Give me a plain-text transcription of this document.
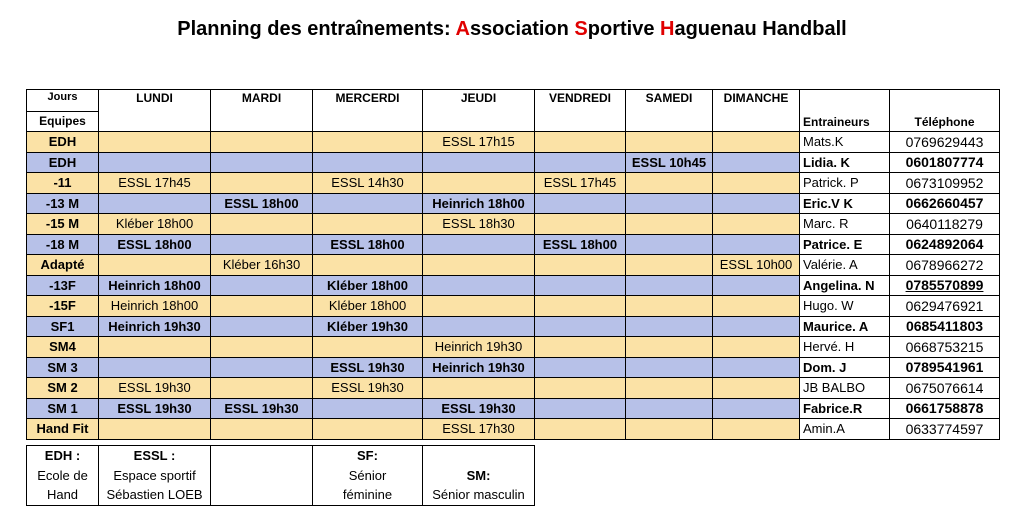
Planning des entraînements: Association Sportive Haguenau Handball
Jours	LUNDI	MARDI	MERCERDI	JEUDI	VENDREDI	SAMEDI	DIMANCHE	Entraineurs	Téléphone
Equipes									
EDH				ESSL 17h15				Mats.K	0769629443
EDH						ESSL 10h45		Lidia. K	0601807774
-11	ESSL 17h45		ESSL 14h30		ESSL 17h45			Patrick. P	0673109952
-13 M		ESSL 18h00		Heinrich 18h00				Eric.V K	0662660457
-15 M	Kléber 18h00			ESSL 18h30				Marc. R	0640118279
-18 M	ESSL 18h00		ESSL 18h00		ESSL 18h00			Patrice. E	0624892064
Adapté		Kléber 16h30					ESSL 10h00	Valérie. A	0678966272
-13F	Heinrich 18h00		Kléber 18h00					Angelina. N	0785570899
-15F	Heinrich 18h00		Kléber 18h00					Hugo. W	0629476921
SF1	Heinrich 19h30		Kléber 19h30					Maurice. A	0685411803
SM4				Heinrich 19h30				Hervé. H	0668753215
SM 3			ESSL 19h30	Heinrich 19h30				Dom. J	0789541961
SM 2	ESSL 19h30		ESSL 19h30					JB BALBO	0675076614
SM 1	ESSL 19h30	ESSL 19h30		ESSL 19h30				Fabrice.R	0661758878
Hand Fit				ESSL 17h30				Amin.A	0633774597
EDH :
Ecole de
Hand

ESSL :
Espace sportif
Sébastien LOEB

SF:
Sénior
féminine

SM:
Sénior masculin
